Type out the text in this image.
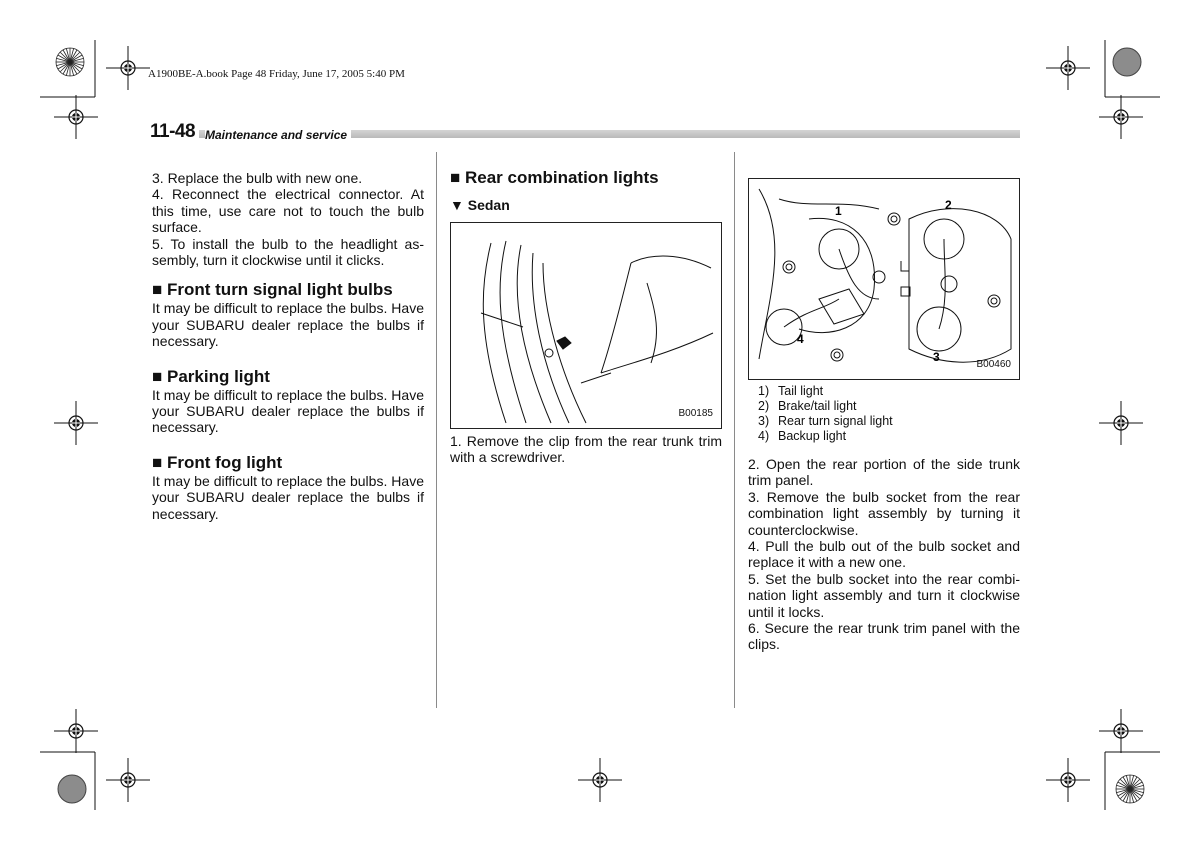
A1900BE-A.book Page 48 Friday, June 17, 2005 5:40 PM
11-48 Maintenance and service

3. Replace the bulb with new one.

4. Reconnect the electrical connector. At this time, use care not to touch the bulb surface.

5. To install the bulb to the headlight assembly, turn it clockwise until it clicks.

■ Front turn signal light bulbs

It may be difficult to replace the bulbs. Have your SUBARU dealer replace the bulbs if necessary.

■ Parking light

It may be difficult to replace the bulbs. Have your SUBARU dealer replace the bulbs if necessary.

■ Front fog light

It may be difficult to replace the bulbs. Have your SUBARU dealer replace the bulbs if necessary.

■ Rear combination lights
▼ Sedan
B00185

1. Remove the clip from the rear trunk trim with a screwdriver.

1	2
3
4
B00460
1) Tail light
2) Brake/tail light
3) Rear turn signal light
4) Backup light

2. Open the rear portion of the side trunk trim panel.

3. Remove the bulb socket from the rear combination light assembly by turning it counterclockwise.

4. Pull the bulb out of the bulb socket and replace it with a new one.

5. Set the bulb socket into the rear combination light assembly and turn it clockwise until it locks.

6. Secure the rear trunk trim panel with the clips.
